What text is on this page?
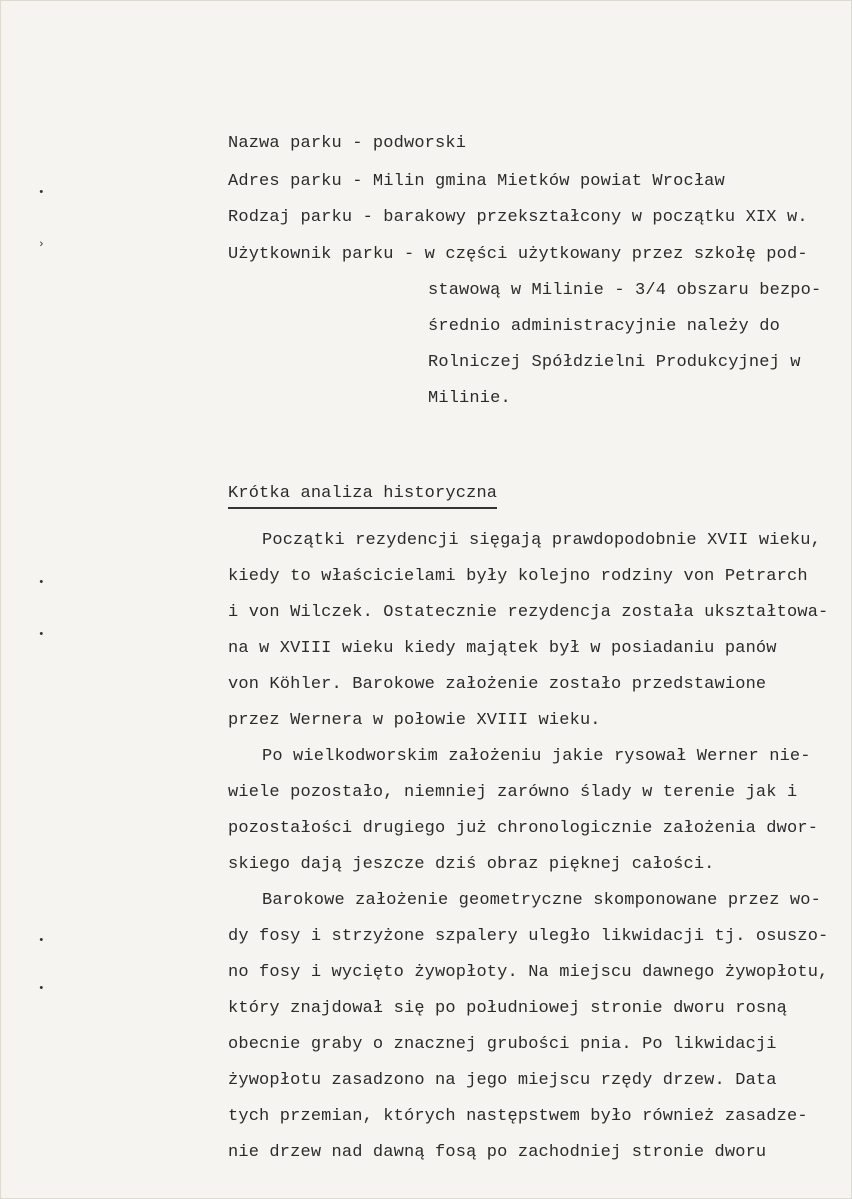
•
›
•
•
•
•
Nazwa parku - podworski
Adres parku - Milin gmina Mietków powiat Wrocław
Rodzaj parku - barakowy przekształcony w początku XIX w.
Użytkownik parku - w części użytkowany przez szkołę pod-
stawową w Milinie - 3/4 obszaru bezpo-
średnio administracyjnie należy do
Rolniczej Spółdzielni Produkcyjnej w
Milinie.
Krótka analiza historyczna
Początki rezydencji sięgają prawdopodobnie XVII wieku,
kiedy to właścicielami były kolejno rodziny von Petrarch
i von Wilczek. Ostatecznie rezydencja została ukształtowa-
na w XVIII wieku kiedy majątek był w posiadaniu panów
von Köhler. Barokowe założenie zostało przedstawione
przez Wernera w połowie XVIII wieku.
Po wielkodworskim założeniu jakie rysował Werner nie-
wiele pozostało, niemniej zarówno ślady w terenie jak i
pozostałości drugiego już chronologicznie założenia dwor-
skiego dają jeszcze dziś obraz pięknej całości.
Barokowe założenie geometryczne skomponowane przez wo-
dy fosy i strzyżone szpalery uległo likwidacji tj. osuszo-
no fosy i wycięto żywopłoty. Na miejscu dawnego żywopłotu,
który znajdował się po południowej stronie dworu rosną
obecnie graby o znacznej grubości pnia. Po likwidacji
żywopłotu zasadzono na jego miejscu rzędy drzew. Data
tych przemian, których następstwem było również zasadze-
nie drzew nad dawną fosą po zachodniej stronie dworu
